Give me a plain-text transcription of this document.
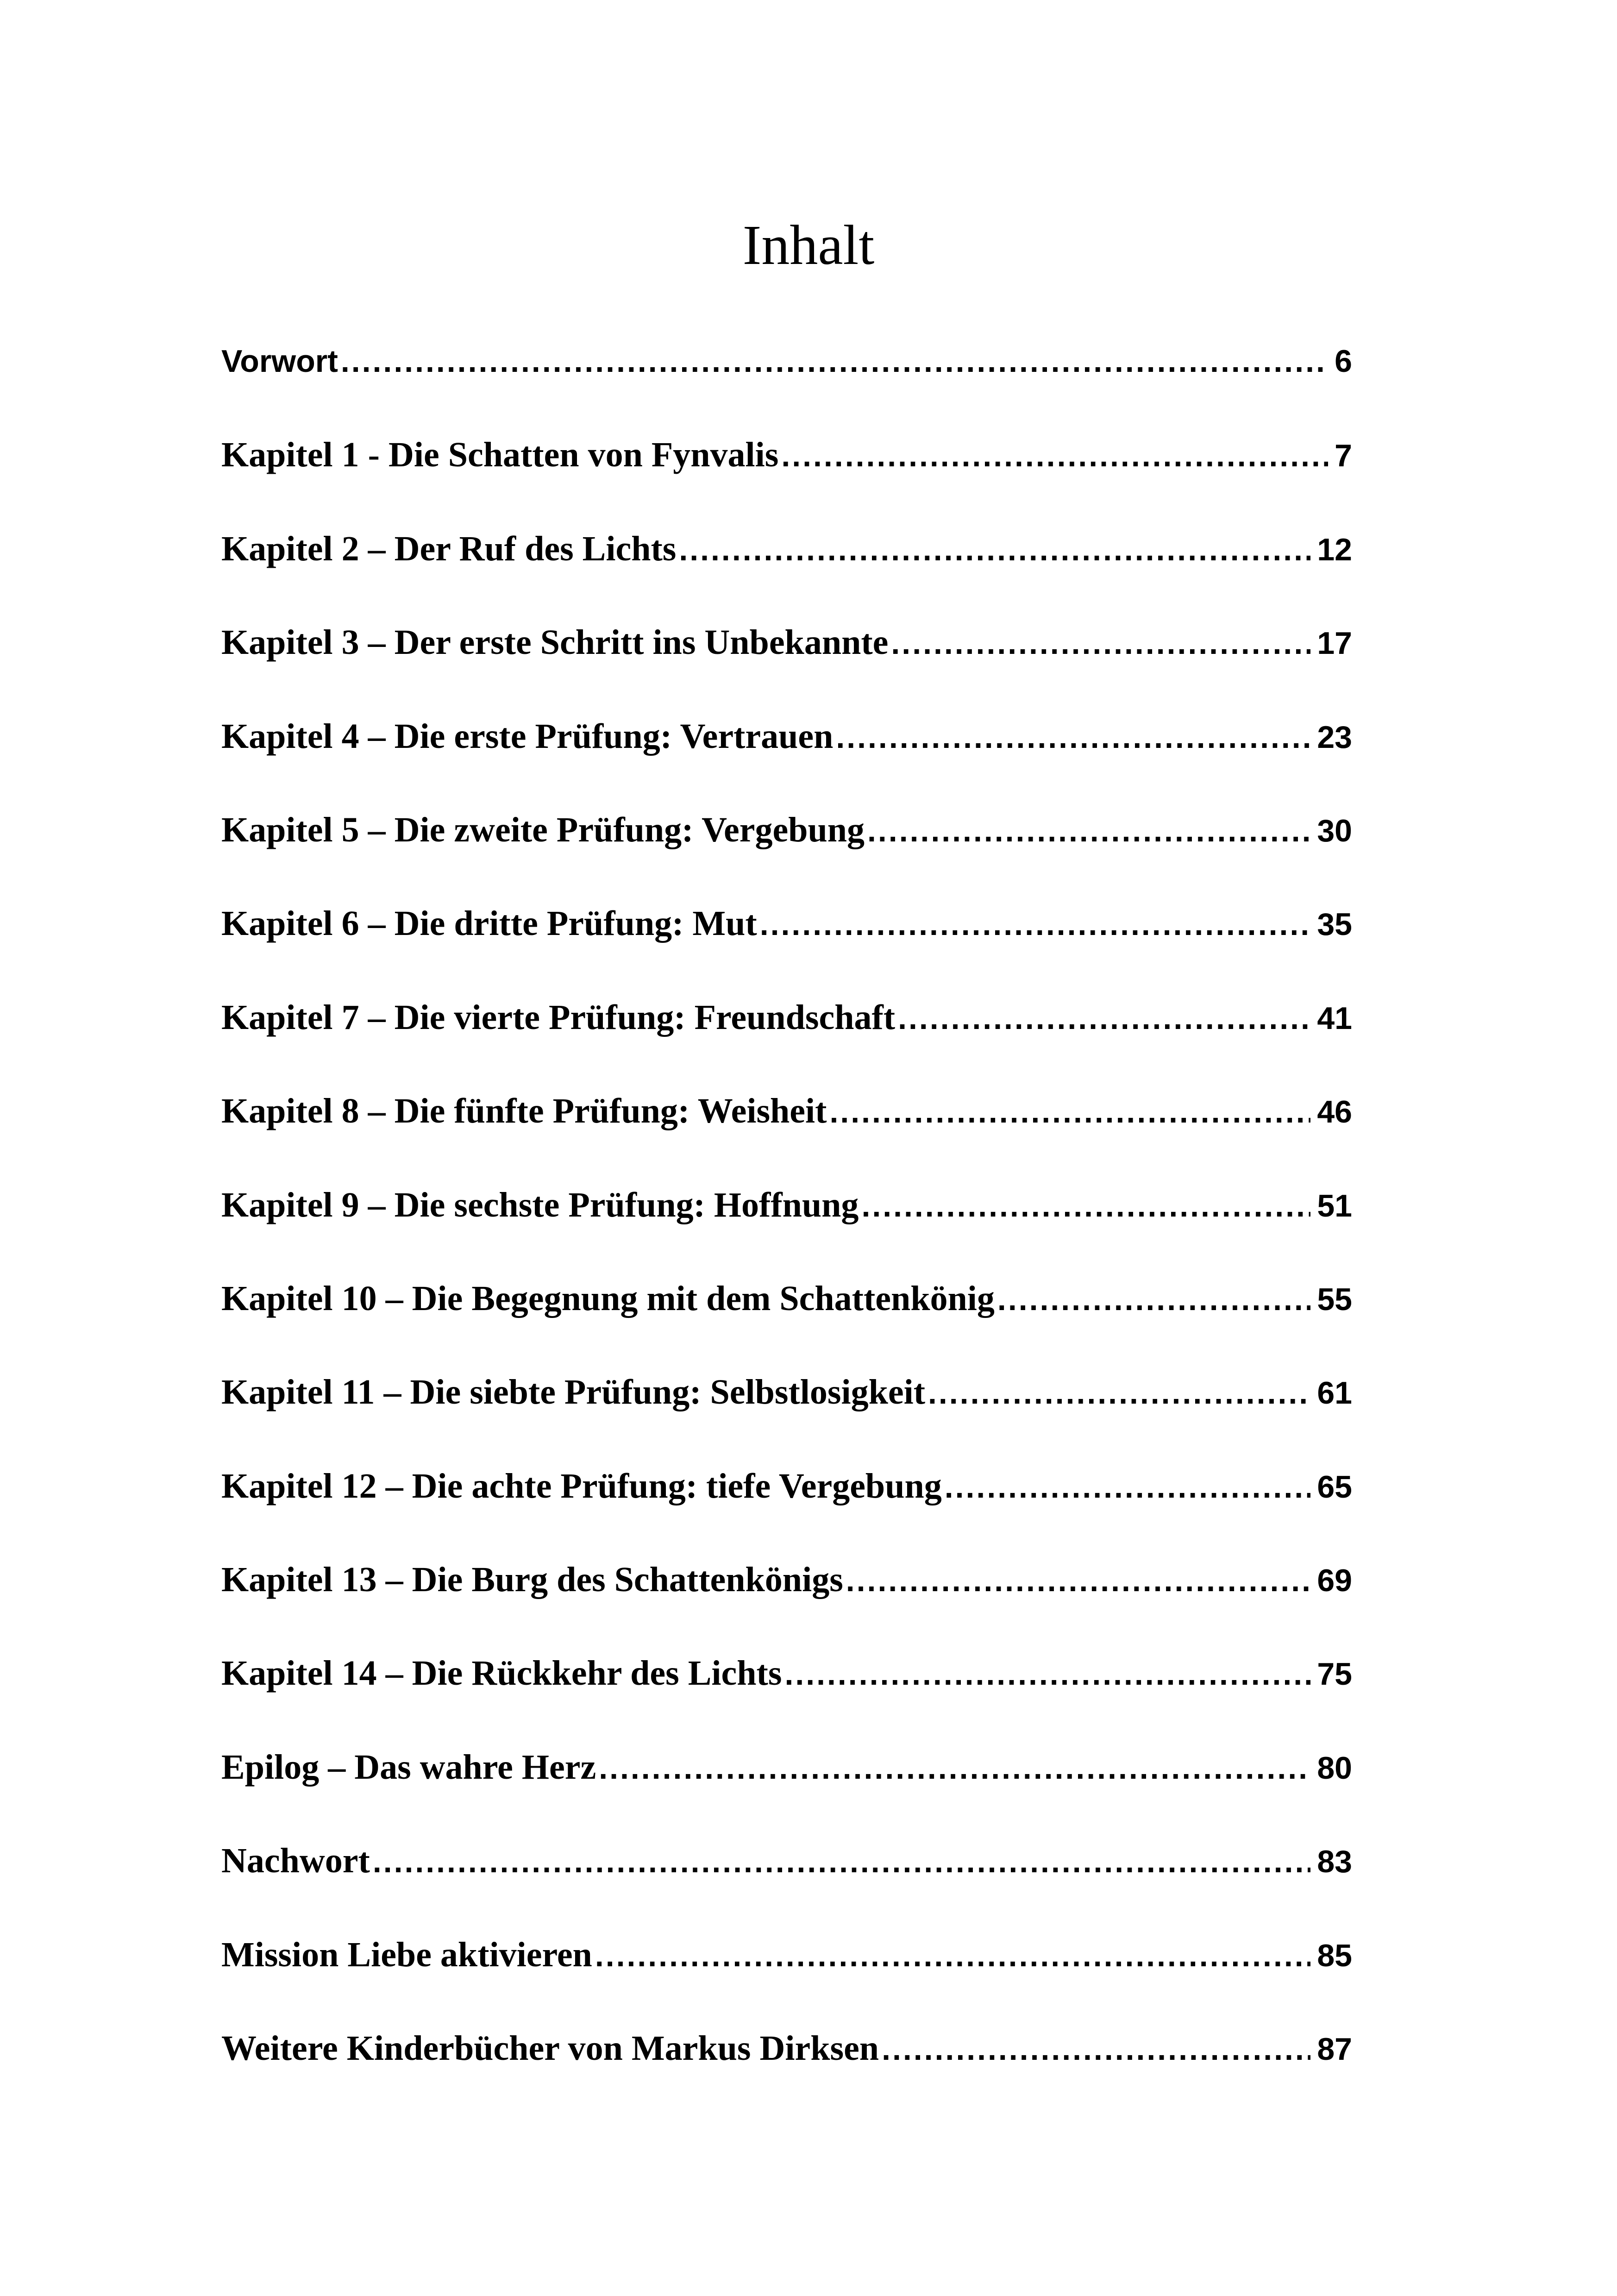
Inhalt
Vorwort .....	6
Kapitel 1 - Die Schatten von Fynvalis .....	7
Kapitel 2 – Der Ruf des Lichts .....	12
Kapitel 3 – Der erste Schritt ins Unbekannte .....	17
Kapitel 4 – Die erste Prüfung: Vertrauen .....	23
Kapitel 5 – Die zweite Prüfung: Vergebung .....	30
Kapitel 6 – Die dritte Prüfung: Mut .....	35
Kapitel 7 – Die vierte Prüfung: Freundschaft .....	41
Kapitel 8 – Die fünfte Prüfung: Weisheit .....	46
Kapitel 9 – Die sechste Prüfung: Hoffnung .....	51
Kapitel 10 – Die Begegnung mit dem Schattenkönig .....	55
Kapitel 11 – Die siebte Prüfung: Selbstlosigkeit .....	61
Kapitel 12 – Die achte Prüfung: tiefe Vergebung .....	65
Kapitel 13 – Die Burg des Schattenkönigs .....	69
Kapitel 14 – Die Rückkehr des Lichts .....	75
Epilog – Das wahre Herz .....	80
Nachwort .....	83
Mission Liebe aktivieren .....	85
Weitere Kinderbücher von Markus Dirksen .....	87
